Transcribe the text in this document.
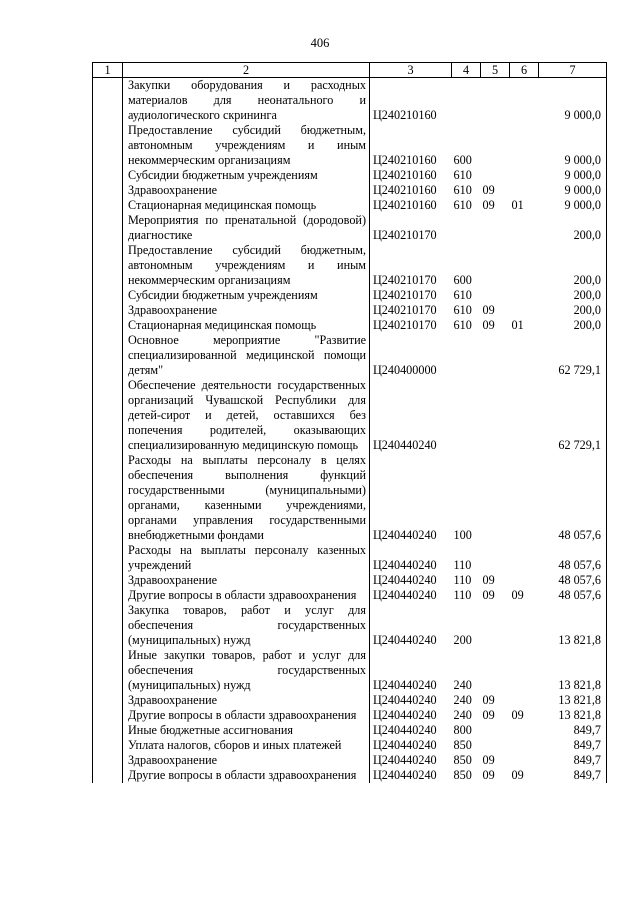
406
1	2	3	4	5	6	7
	Закупки оборудования и расходных материалов для неонатального и аудиологического скрининга	Ц240210160				9 000,0
	Предоставление субсидий бюджетным, автономным учреждениям и иным некоммерческим организациям	Ц240210160	600			9 000,0
	Субсидии бюджетным учреждениям	Ц240210160	610			9 000,0
	Здравоохранение	Ц240210160	610	09		9 000,0
	Стационарная медицинская помощь	Ц240210160	610	09	01	9 000,0
	Мероприятия по пренатальной (дородовой) диагностике	Ц240210170				200,0
	Предоставление субсидий бюджетным, автономным учреждениям и иным некоммерческим организациям	Ц240210170	600			200,0
	Субсидии бюджетным учреждениям	Ц240210170	610			200,0
	Здравоохранение	Ц240210170	610	09		200,0
	Стационарная медицинская помощь	Ц240210170	610	09	01	200,0
	Основное мероприятие "Развитие специализированной медицинской помощи детям"	Ц240400000				62 729,1
	Обеспечение деятельности государственных организаций Чувашской Республики для детей-сирот и детей, оставшихся без попечения родителей, оказывающих специализированную медицинскую помощь	Ц240440240				62 729,1
	Расходы на выплаты персоналу в целях обеспечения выполнения функций государственными (муниципальными) органами, казенными учреждениями, органами управления государственными внебюджетными фондами	Ц240440240	100			48 057,6
	Расходы на выплаты персоналу казенных учреждений	Ц240440240	110			48 057,6
	Здравоохранение	Ц240440240	110	09		48 057,6
	Другие вопросы в области здравоохранения	Ц240440240	110	09	09	48 057,6
	Закупка товаров, работ и услуг для обеспечения государственных (муниципальных) нужд	Ц240440240	200			13 821,8
	Иные закупки товаров, работ и услуг для обеспечения государственных (муниципальных) нужд	Ц240440240	240			13 821,8
	Здравоохранение	Ц240440240	240	09		13 821,8
	Другие вопросы в области здравоохранения	Ц240440240	240	09	09	13 821,8
	Иные бюджетные ассигнования	Ц240440240	800			849,7
	Уплата налогов, сборов и иных платежей	Ц240440240	850			849,7
	Здравоохранение	Ц240440240	850	09		849,7
	Другие вопросы в области здравоохранения	Ц240440240	850	09	09	849,7
